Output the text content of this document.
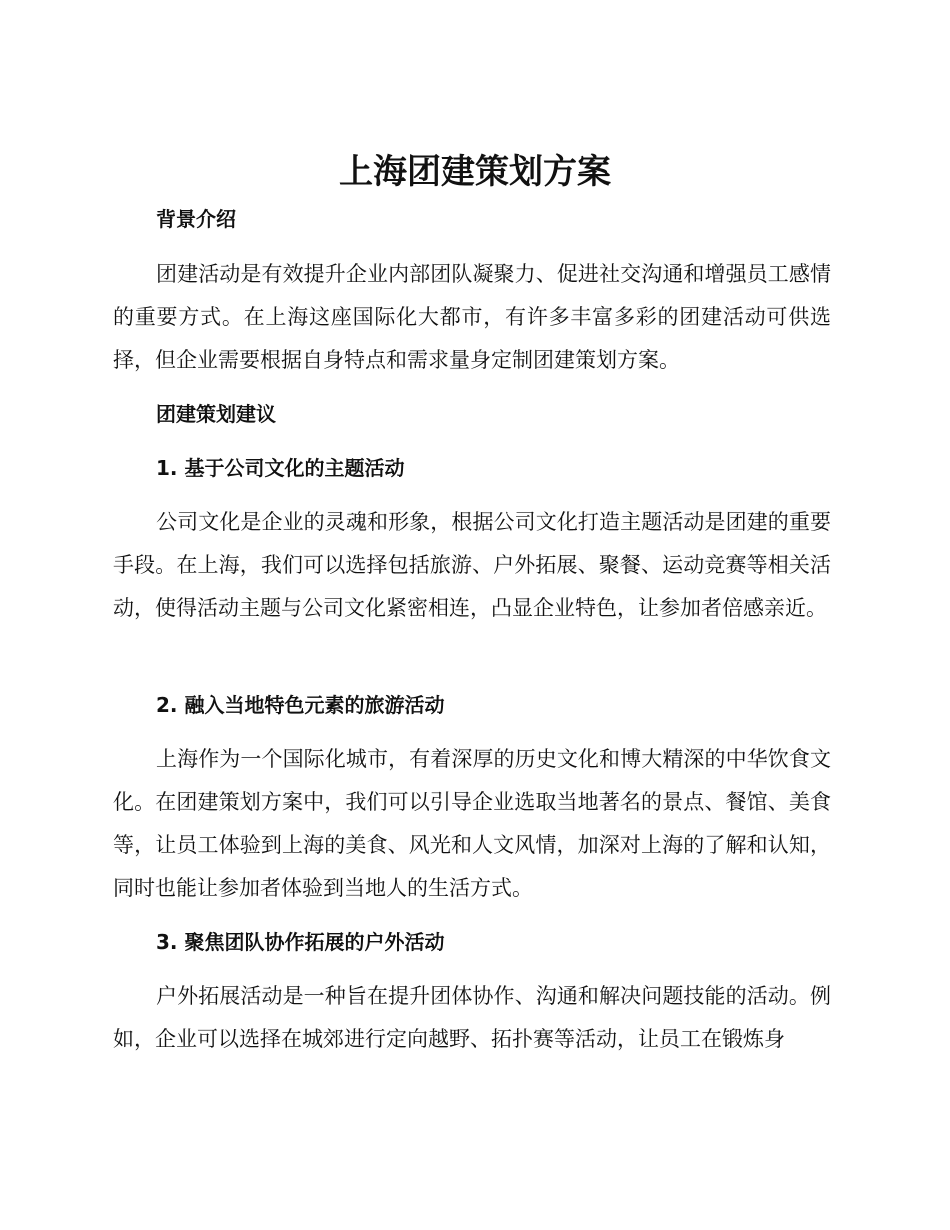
上海团建策划方案
背景介绍

团建活动是有效提升企业内部团队凝聚力、促进社交沟通和增强员工感情的重要方式。在上海这座国际化大都市，有许多丰富多彩的团建活动可供选择，但企业需要根据自身特点和需求量身定制团建策划方案。

团建策划建议
1. 基于公司文化的主题活动

公司文化是企业的灵魂和形象，根据公司文化打造主题活动是团建的重要手段。在上海，我们可以选择包括旅游、户外拓展、聚餐、运动竞赛等相关活动，使得活动主题与公司文化紧密相连，凸显企业特色，让参加者倍感亲近。

2. 融入当地特色元素的旅游活动

上海作为一个国际化城市，有着深厚的历史文化和博大精深的中华饮食文化。在团建策划方案中，我们可以引导企业选取当地著名的景点、餐馆、美食等，让员工体验到上海的美食、风光和人文风情，加深对上海的了解和认知，同时也能让参加者体验到当地人的生活方式。

3. 聚焦团队协作拓展的户外活动

户外拓展活动是一种旨在提升团体协作、沟通和解决问题技能的活动。例如，企业可以选择在城郊进行定向越野、拓扑赛等活动，让员工在锻炼身
